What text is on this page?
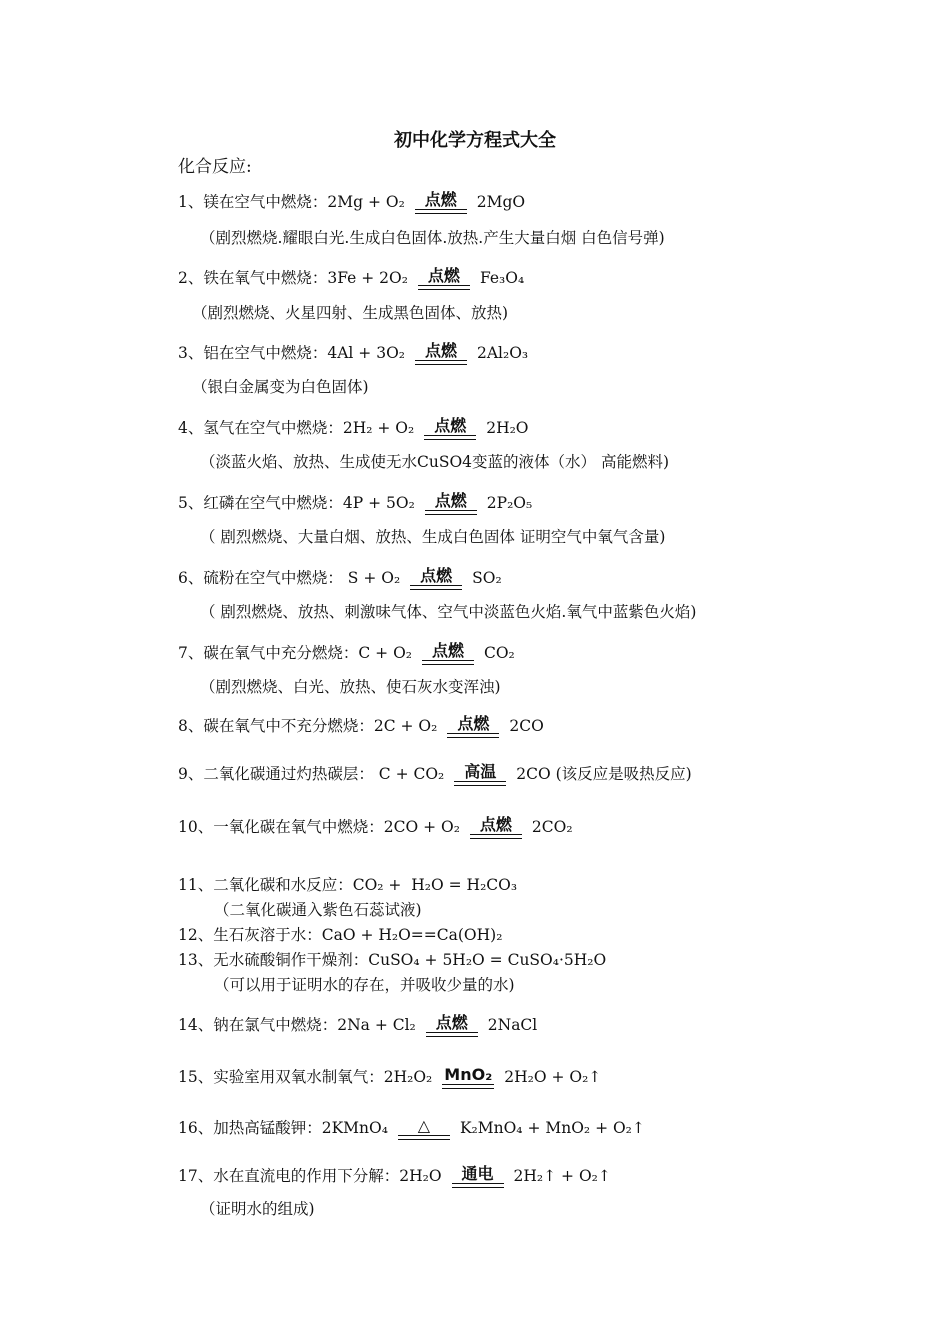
初中化学方程式大全
化合反应:
1、镁在空气中燃烧：2Mg + O₂ 点燃 2MgO
（剧烈燃烧.耀眼白光.生成白色固体.放热.产生大量白烟 白色信号弹)
2、铁在氧气中燃烧：3Fe + 2O₂ 点燃 Fe₃O₄
（剧烈燃烧、火星四射、生成黑色固体、放热)
3、铝在空气中燃烧：4Al + 3O₂ 点燃 2Al₂O₃
（银白金属变为白色固体)
4、氢气在空气中燃烧：2H₂ + O₂ 点燃 2H₂O
（淡蓝火焰、放热、生成使无水CuSO4变蓝的液体（水） 高能燃料)
5、红磷在空气中燃烧：4P + 5O₂ 点燃 2P₂O₅
（ 剧烈燃烧、大量白烟、放热、生成白色固体 证明空气中氧气含量)
6、硫粉在空气中燃烧： S + O₂ 点燃 SO₂
（ 剧烈燃烧、放热、刺激味气体、空气中淡蓝色火焰.氧气中蓝紫色火焰)
7、碳在氧气中充分燃烧：C + O₂ 点燃 CO₂
（剧烈燃烧、白光、放热、使石灰水变浑浊)
8、碳在氧气中不充分燃烧：2C + O₂ 点燃 2CO
9、二氧化碳通过灼热碳层： C + CO₂ 高温 2CO (该反应是吸热反应)
10、一氧化碳在氧气中燃烧：2CO + O₂ 点燃 2CO₂
11、二氧化碳和水反应：CO₂ +  H₂O = H₂CO₃
（二氧化碳通入紫色石蕊试液)
12、生石灰溶于水：CaO + H₂O==Ca(OH)₂
13、无水硫酸铜作干燥剂：CuSO₄ + 5H₂O = CuSO₄·5H₂O
（可以用于证明水的存在，并吸收少量的水)
14、钠在氯气中燃烧：2Na + Cl₂ 点燃 2NaCl
15、实验室用双氧水制氧气：2H₂O₂ MnO₂ 2H₂O + O₂↑
16、加热高锰酸钾：2KMnO₄ △ K₂MnO₄ + MnO₂ + O₂↑
17、水在直流电的作用下分解：2H₂O 通电 2H₂↑ + O₂↑
（证明水的组成)
